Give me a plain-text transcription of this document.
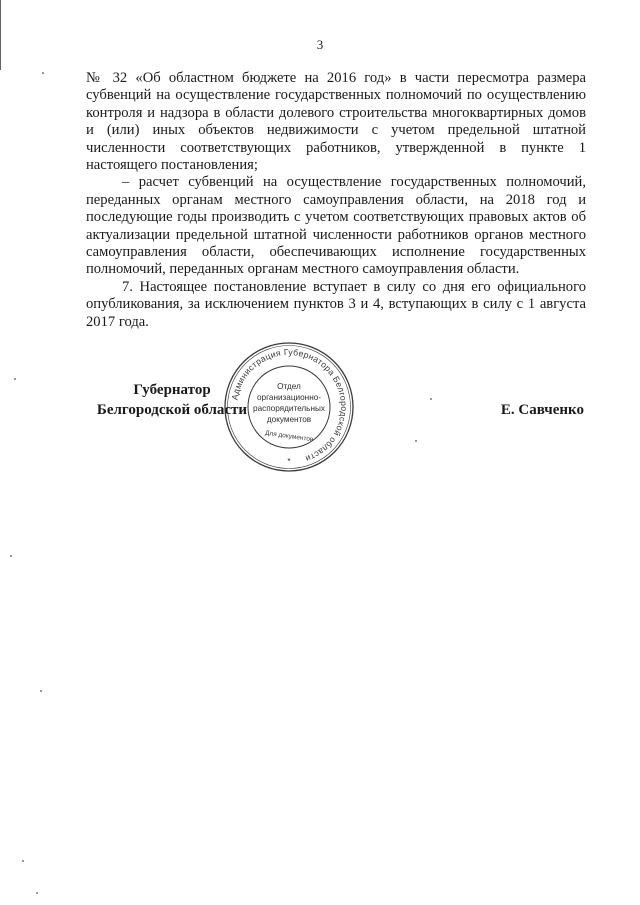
3

№ 32 «Об областном бюджете на 2016 год» в части пересмотра размера субвенций на осуществление государственных полномочий по осуществлению контроля и надзора в области долевого строительства многоквартирных домов и (или) иных объектов недвижимости с учетом предельной штатной численности соответствующих работников, утвержденной в пункте 1 настоящего постановления;

– расчет субвенций на осуществление государственных полномочий, переданных органам местного самоуправления области, на 2018 год и последующие годы производить с учетом соответствующих правовых актов об актуализации предельной штатной численности работников органов местного самоуправления области, обеспечивающих исполнение государственных полномочий, переданных органам местного самоуправления области.

7. Настоящее постановление вступает в силу со дня его официального опубликования, за исключением пунктов 3 и 4, вступающих в силу с 1 августа 2017 года.

Губернатор
Белгородской области
Администрация Губернатора Белгородской области
Отдел
организационно-
распорядительных
документов
Для документов
*
Е. Савченко
